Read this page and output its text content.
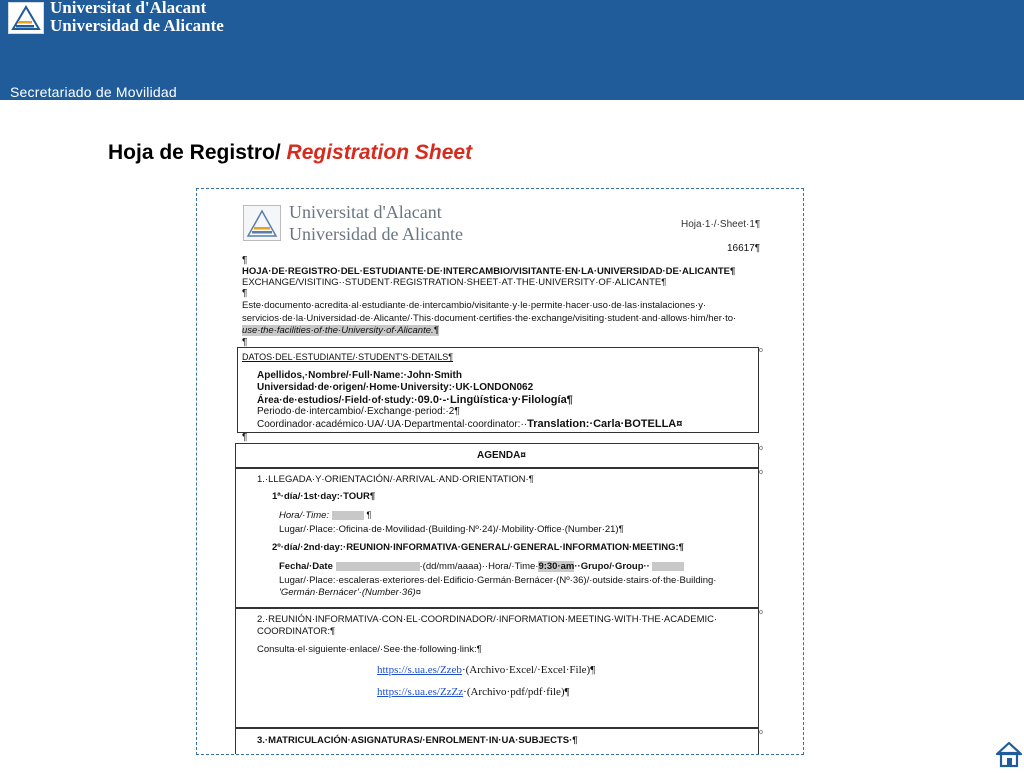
Universitat d'Alacant
Universidad de Alicante
Secretariado de Movilidad
Hoja de Registro/ Registration Sheet
Universitat d'Alacant
Universidad de Alicante	Hoja·1·/·Sheet·1¶
16617¶
¶
HOJA·DE·REGISTRO·DEL·ESTUDIANTE·DE·INTERCAMBIO/VISITANTE·EN·LA·UNIVERSIDAD·DE·ALICANTE¶
EXCHANGE/VISITING··STUDENT·REGISTRATION·SHEET·AT·THE·UNIVERSITY·OF·ALICANTE¶
¶
Este·documento·acredita·al·estudiante·de·intercambio/visitante·y·le·permite·hacer·uso·de·las·instalaciones·y·
servicios·de·la·Universidad·de·Alicante/·This·document·certifies·the·exchange/visiting·student·and·allows·him/her·to·
use·the·facilities·of·the·University·of·Alicante.¶
¶
DATOS·DEL·ESTUDIANTE/·STUDENT'S·DETAILS¶
Apellidos,·Nombre/·Full·Name:·John·Smith
Universidad·de·origen/·Home·University:·UK·LONDON062
Área·de·estudios/·Field·of·study:·09.0·-·Lingüística·y·Filología¶
Periodo·de·intercambio/·Exchange·period:·2¶
Coordinador·académico·UA/·UA·Departmental·coordinator:··Translation:·Carla·BOTELLA¤
o
¶
AGENDA¤
o
1.·LLEGADA·Y·ORIENTACIÓN/·ARRIVAL·AND·ORIENTATION·¶
1ª·día/·1st·day:·TOUR¶
Hora/·Time:	¶
Lugar/·Place:·Oficina·de·Movilidad·(Building·Nº·24)/·Mobility·Office·(Number·21)¶
2º·día/·2nd·day:·REUNION·INFORMATIVA·GENERAL/·GENERAL·INFORMATION·MEETING:¶
Fecha/·Date	·(dd/mm/aaaa)··Hora/·Time·9:30·am··Grupo/·Group··
Lugar/·Place:·escaleras·exteriores·del·Edificio·Germán·Bernácer·(Nº·36)/·outside·stairs·of·the·Building·
'Germán·Bernácer'·(Number·36)¤
o
2.·REUNIÓN·INFORMATIVA·CON·EL·COORDINADOR/·INFORMATION·MEETING·WITH·THE·ACADEMIC·
COORDINATOR:¶
Consulta·el·siguiente·enlace/·See·the·following·link:¶
https://s.ua.es/Zzeb·(Archivo·Excel/·Excel·File)¶
https://s.ua.es/ZzZz·(Archivo·pdf/pdf·file)¶
o
3.·MATRICULACIÓN·ASIGNATURAS/·ENROLMENT·IN·UA·SUBJECTS·¶
o
